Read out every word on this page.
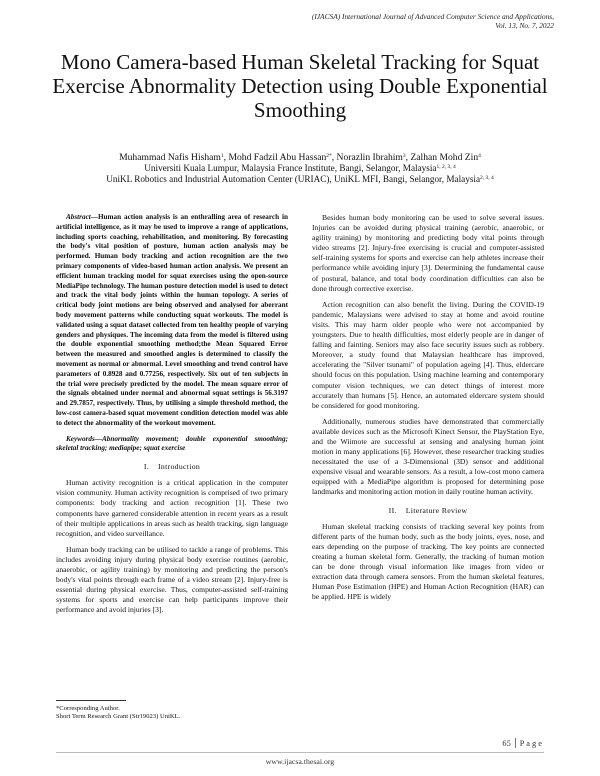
(IJACSA) International Journal of Advanced Computer Science and Applications,
Vol. 13, No. 7, 2022
Mono Camera-based Human Skeletal Tracking for Squat Exercise Abnormality Detection using Double Exponential Smoothing
Muhammad Nafis Hisham$^1$, Mohd Fadzil Abu Hassan$^{2*}$, Norazlin Ibrahim$^3$, Zalhan Mohd Zin$^4$
Universiti Kuala Lumpur, Malaysia France Institute, Bangi, Selangor, Malaysia$^{1, 2, 3, 4}$
UniKL Robotics and Industrial Automation Center (URIAC), UniKL MFI, Bangi, Selangor, Malaysia$^{2, 3, 4}$

Abstract—Human action analysis is an enthralling area of research in artificial intelligence, as it may be used to improve a range of applications, including sports coaching, rehabilitation, and monitoring. By forecasting the body's vital position of posture, human action analysis may be performed. Human body tracking and action recognition are the two primary components of video-based human action analysis. We present an efficient human tracking model for squat exercises using the open-source MediaPipe technology. The human posture detection model is used to detect and track the vital body joints within the human topology. A series of critical body joint motions are being observed and analysed for aberrant body movement patterns while conducting squat workouts. The model is validated using a squat dataset collected from ten healthy people of varying genders and physiques. The incoming data from the model is filtered using the double exponential smoothing method;the Mean Squared Error between the measured and smoothed angles is determined to classify the movement as normal or abnormal. Level smoothing and trend control have parameters of 0.8928 and 0.77256, respectively. Six out of ten subjects in the trial were precisely predicted by the model. The mean square error of the signals obtained under normal and abnormal squat settings is 56.3197 and 29.7857, respectively. Thus, by utilising a simple threshold method, the low-cost camera-based squat movement condition detection model was able to detect the abnormality of the workout movement.

Keywords—Abnormality movement; double exponential smoothing; skeletal tracking; mediapipe; squat exercise

I.    Introduction

Human activity recognition is a critical application in the computer vision community. Human activity recognition is comprised of two primary components: body tracking and action recognition [1]. These two components have garnered considerable attention in recent years as a result of their multiple applications in areas such as health tracking, sign language recognition, and video surveillance.

Human body tracking can be utilised to tackle a range of problems. This includes avoiding injury during physical body exercise routines (aerobic, anaerobic, or agility training) by monitoring and predicting the person's body's vital points through each frame of a video stream [2]. Injury-free is essential during physical exercise. Thus, computer-assisted self-training systems for sports and exercise can help participants improve their performance and avoid injuries [3].

Besides human body monitoring can be used to solve several issues. Injuries can be avoided during physical training (aerobic, anaerobic, or agility training) by monitoring and predicting body vital points through video streams [2]. Injury-free exercising is crucial and computer-assisted self-training systems for sports and exercise can help athletes increase their performance while avoiding injury [3]. Determining the fundamental cause of postural, balance, and total body coordination difficulties can also be done through corrective exercise.

Action recognition can also benefit the living. During the COVID-19 pandemic, Malaysians were advised to stay at home and avoid routine visits. This may harm older people who were not accompanied by youngsters. Due to health difficulties, most elderly people are in danger of falling and fainting. Seniors may also face security issues such as robbery. Moreover, a study found that Malaysian healthcare has improved, accelerating the "Silver tsunami" of population ageing [4]. Thus, eldercare should focus on this population. Using machine learning and contemporary computer vision techniques, we can detect things of interest more accurately than humans [5]. Hence, an automated eldercare system should be considered for good monitoring.

Additionally, numerous studies have demonstrated that commercially available devices such as the Microsoft Kinect Sensor, the PlayStation Eye, and the Wiimote are successful at sensing and analysing human joint motion in many applications [6]. However, these researcher tracking studies necessitated the use of a 3-Dimensional (3D) sensor and additional expensive visual and wearable sensors. As a result, a low-cost mono camera equipped with a MediaPipe algorithm is proposed for determining pose landmarks and monitoring action motion in daily routine human activity.

II.    Literature Review

Human skeletal tracking consists of tracking several key points from different parts of the human body, such as the body joints, eyes, nose, and ears depending on the purpose of tracking. The key points are connected creating a human skeletal form. Generally, the tracking of human motion can be done through visual information like images from video or extraction data through camera sensors. From the human skeletal features, Human Pose Estimation (HPE) and Human Action Recognition (HAR) can be applied. HPE is widely

*Corresponding Author.
Short Term Research Grant (Str19023) UniKL.
65 P a g e
www.ijacsa.thesai.org
